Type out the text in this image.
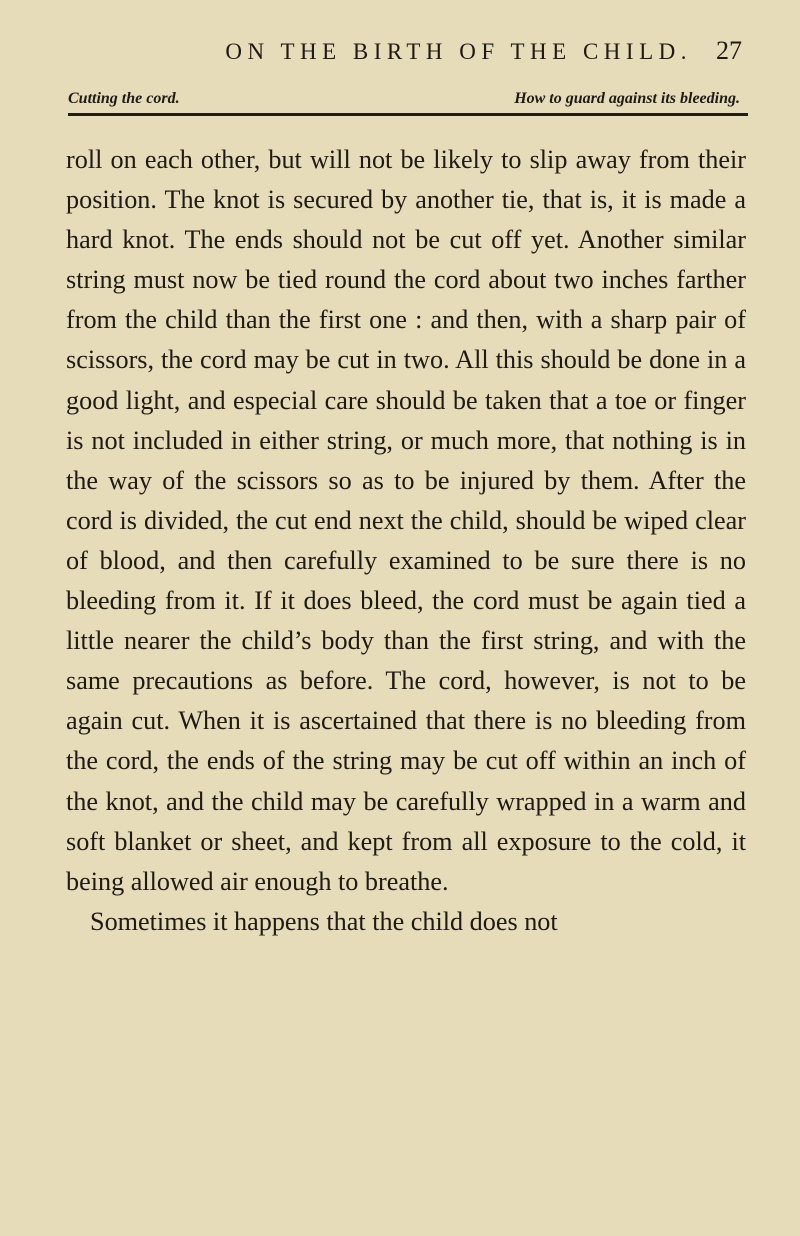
ON THE BIRTH OF THE CHILD. 27
Cutting the cord.	How to guard against its bleeding.

roll on each other, but will not be likely to slip away from their position. The knot is secured by another tie, that is, it is made a hard knot. The ends should not be cut off yet. Another similar string must now be tied round the cord about two inches farther from the child than the first one : and then, with a sharp pair of scissors, the cord may be cut in two. All this should be done in a good light, and especial care should be taken that a toe or finger is not included in either string, or much more, that nothing is in the way of the scissors so as to be injured by them. After the cord is divided, the cut end next the child, should be wiped clear of blood, and then carefully examined to be sure there is no bleeding from it. If it does bleed, the cord must be again tied a little nearer the child’s body than the first string, and with the same precautions as before. The cord, however, is not to be again cut. When it is ascertained that there is no bleeding from the cord, the ends of the string may be cut off within an inch of the knot, and the child may be carefully wrapped in a warm and soft blanket or sheet, and kept from all exposure to the cold, it being allowed air enough to breathe.

Sometimes it happens that the child does not
